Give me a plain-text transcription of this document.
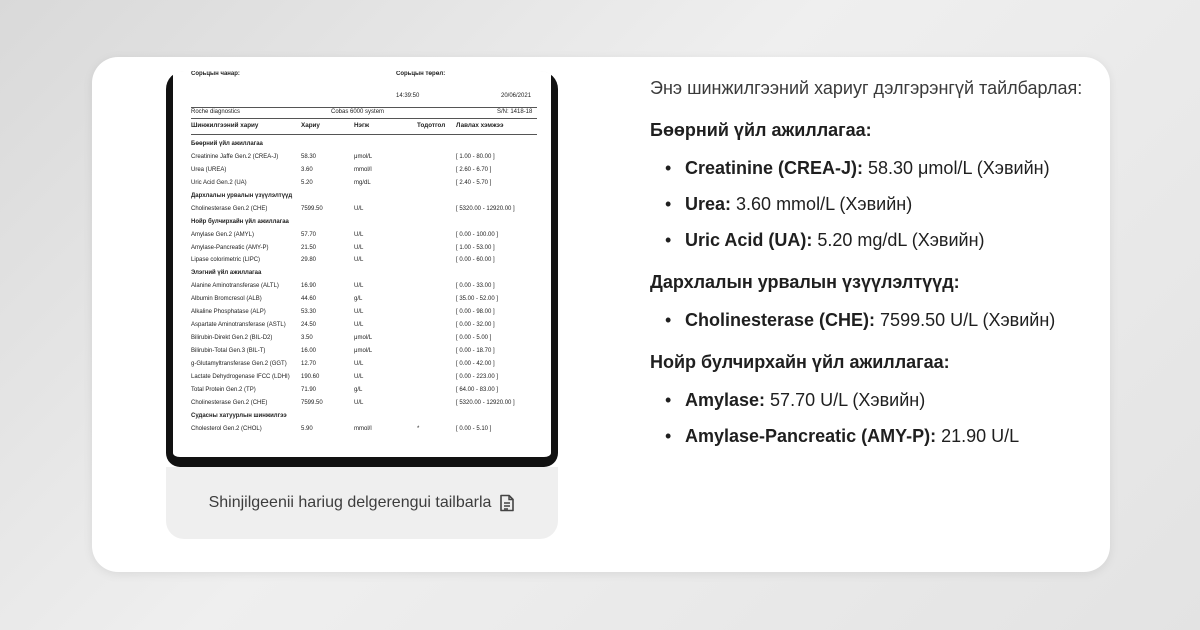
Сорьцын чанар:	Сорьцын төрөл:
14:39:50	20/06/2021
Roche diagnostics	Cobas 6000 system	S/N: 1418-18
Шинжилгээний хариу	Хариу	Нэгж	Тодотгол Лавлах хэмжээ
Бөөрний үйл ажиллагаа
Creatinine Jaffe Gen.2 (CREA-J)	58.30	μmol/L	[ 1.00 - 80.00 ]
Urea (UREA)	3.60	mmol/l	[ 2.60 - 6.70 ]
Uric Acid Gen.2 (UA)	5.20	mg/dL	[ 2.40 - 5.70 ]
Дархлалын урвалын үзүүлэлтүүд
Cholinesterase Gen.2 (CHE)	7599.50	U/L	[ 5320.00 - 12920.00 ]
Нойр булчирхайн үйл ажиллагаа
Amylase Gen.2 (AMYL)	57.70	U/L	[ 0.00 - 100.00 ]
Amylase-Pancreatic (AMY-P)	21.50	U/L	[ 1.00 - 53.00 ]
Lipase colorimetric (LIPC)	29.80	U/L	[ 0.00 - 60.00 ]
Элэгний үйл ажиллагаа
Alanine Aminotransferase (ALTL)	16.90	U/L	[ 0.00 - 33.00 ]
Albumin Bromcresol (ALB)	44.60	g/L	[ 35.00 - 52.00 ]
Alkaline Phosphatase (ALP)	53.30	U/L	[ 0.00 - 98.00 ]
Aspartate Aminotransferase (ASTL)	24.50	U/L	[ 0.00 - 32.00 ]
Bilirubin-Direkt Gen.2 (BIL-D2)	3.50	μmol/L	[ 0.00 - 5.00 ]
Bilirubin-Total Gen.3 (BIL-T)	16.00	μmol/L	[ 0.00 - 18.70 ]
g-Glutamyltransferase Gen.2 (GGT) 12.70	U/L	[ 0.00 - 42.00 ]
Lactate Dehydrogenase IFCC (LDHI) 190.60	U/L	[ 0.00 - 223.00 ]
Total Protein Gen.2 (TP)	71.90	g/L	[ 64.00 - 83.00 ]
Cholinesterase Gen.2 (CHE)	7599.50	U/L	[ 5320.00 - 12920.00 ]
Судасны хатуурлын шинжилгээ
Cholesterol Gen.2 (CHOL)	5.90	mmol/l	*	[ 0.00 - 5.10 ]
Shinjilgeenii hariug delgerengui tailbarla

Энэ шинжилгээний хариуг дэлгэрэнгүй тайлбарлая:

Бөөрний үйл ажиллагаа:
• Creatinine (CREA-J): 58.30 μmol/L (Хэвийн)
• Urea: 3.60 mmol/L (Хэвийн)
• Uric Acid (UA): 5.20 mg/dL (Хэвийн)
Дархлалын урвалын үзүүлэлтүүд:
• Cholinesterase (CHE): 7599.50 U/L (Хэвийн)
Нойр булчирхайн үйл ажиллагаа:
• Amylase: 57.70 U/L (Хэвийн)
• Amylase-Pancreatic (AMY-P): 21.90 U/L
